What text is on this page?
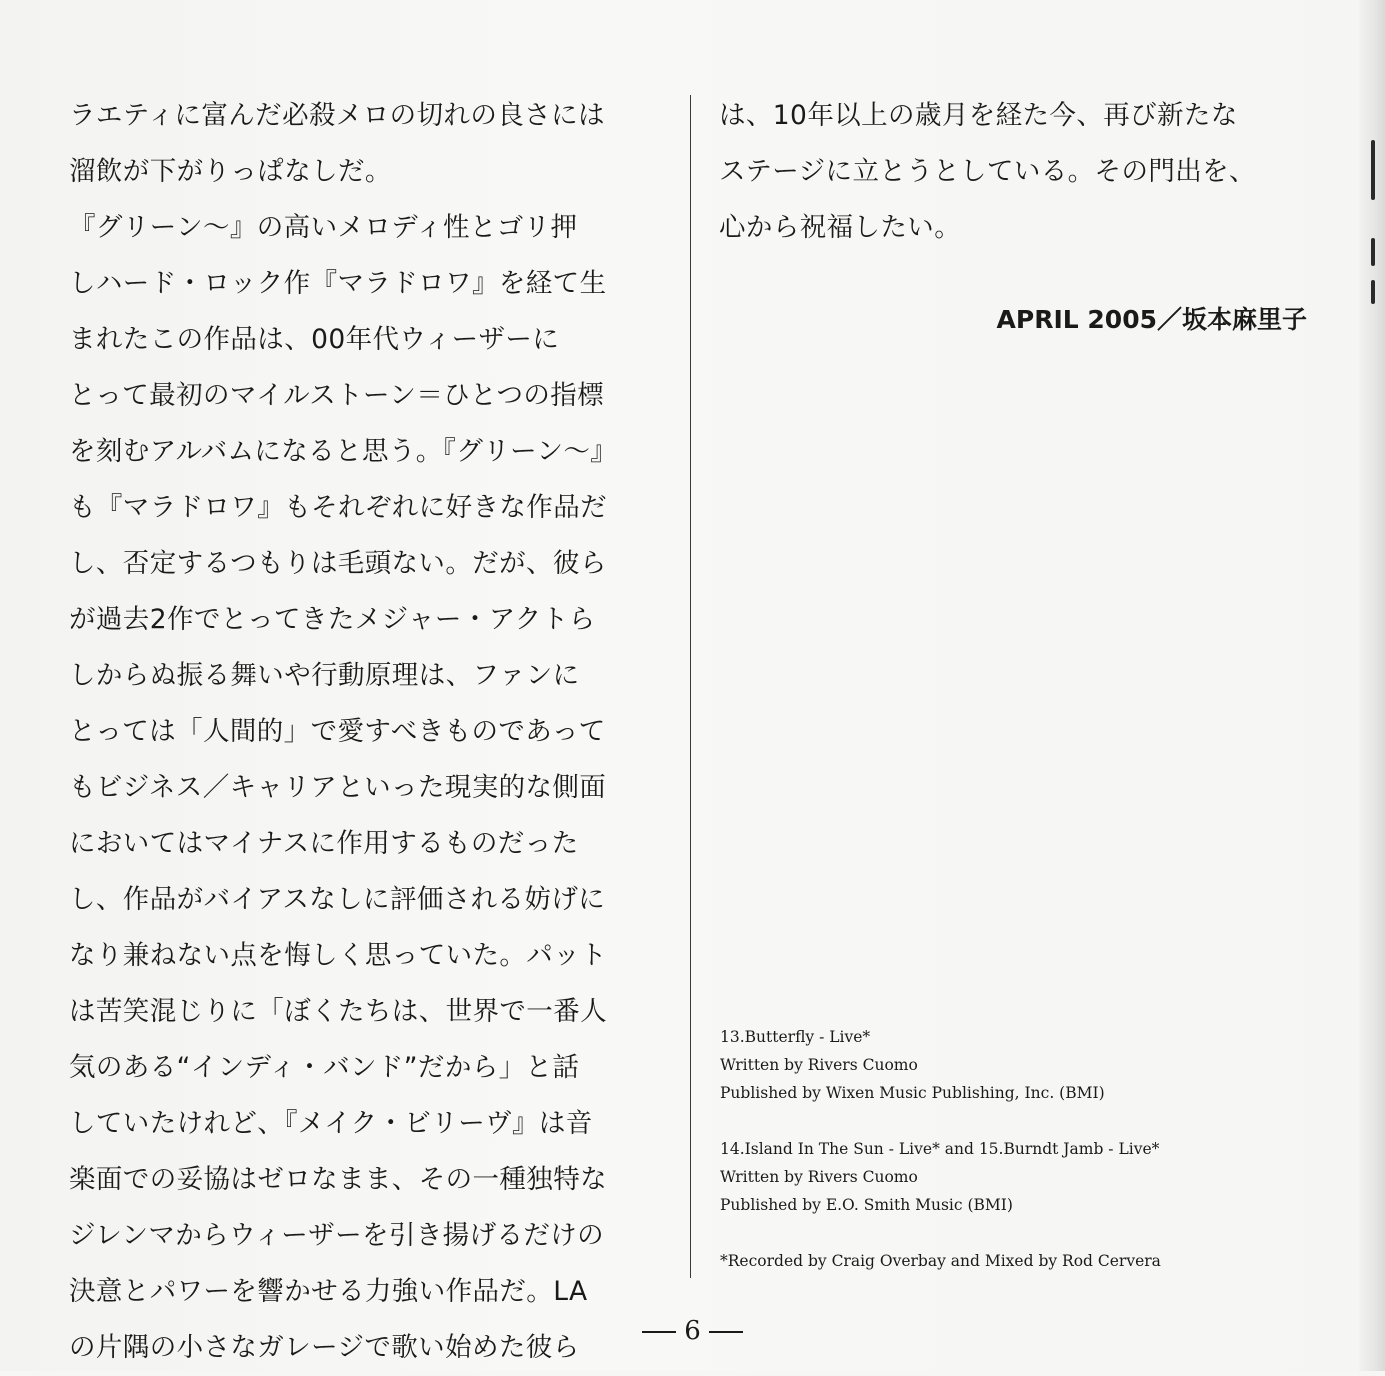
ラエティに富んだ必殺メロの切れの良さには
溜飲が下がりっぱなしだ。
『グリーン～』の高いメロディ性とゴリ押
しハード・ロック作『マラドロワ』を経て生
まれたこの作品は、00年代ウィーザーに
とって最初のマイルストーン＝ひとつの指標
を刻むアルバムになると思う。『グリーン～』
も『マラドロワ』もそれぞれに好きな作品だ
し、否定するつもりは毛頭ない。だが、彼ら
が過去2作でとってきたメジャー・アクトら
しからぬ振る舞いや行動原理は、ファンに
とっては「人間的」で愛すべきものであって
もビジネス／キャリアといった現実的な側面
においてはマイナスに作用するものだった
し、作品がバイアスなしに評価される妨げに
なり兼ねない点を悔しく思っていた。パット
は苦笑混じりに「ぼくたちは、世界で一番人
気のある“インディ・バンド”だから」と話
していたけれど、『メイク・ビリーヴ』は音
楽面での妥協はゼロなまま、その一種独特な
ジレンマからウィーザーを引き揚げるだけの
決意とパワーを響かせる力強い作品だ。LA
の片隅の小さなガレージで歌い始めた彼ら
は、10年以上の歳月を経た今、再び新たな
ステージに立とうとしている。その門出を、
心から祝福したい。
APRIL 2005／坂本麻里子
13.Butterfly - Live*
Written by Rivers Cuomo
Published by Wixen Music Publishing, Inc. (BMI)
14.Island In The Sun - Live* and 15.Burndt Jamb - Live*
Written by Rivers Cuomo
Published by E.O. Smith Music (BMI)
*Recorded by Craig Overbay and Mixed by Rod Cervera
6
